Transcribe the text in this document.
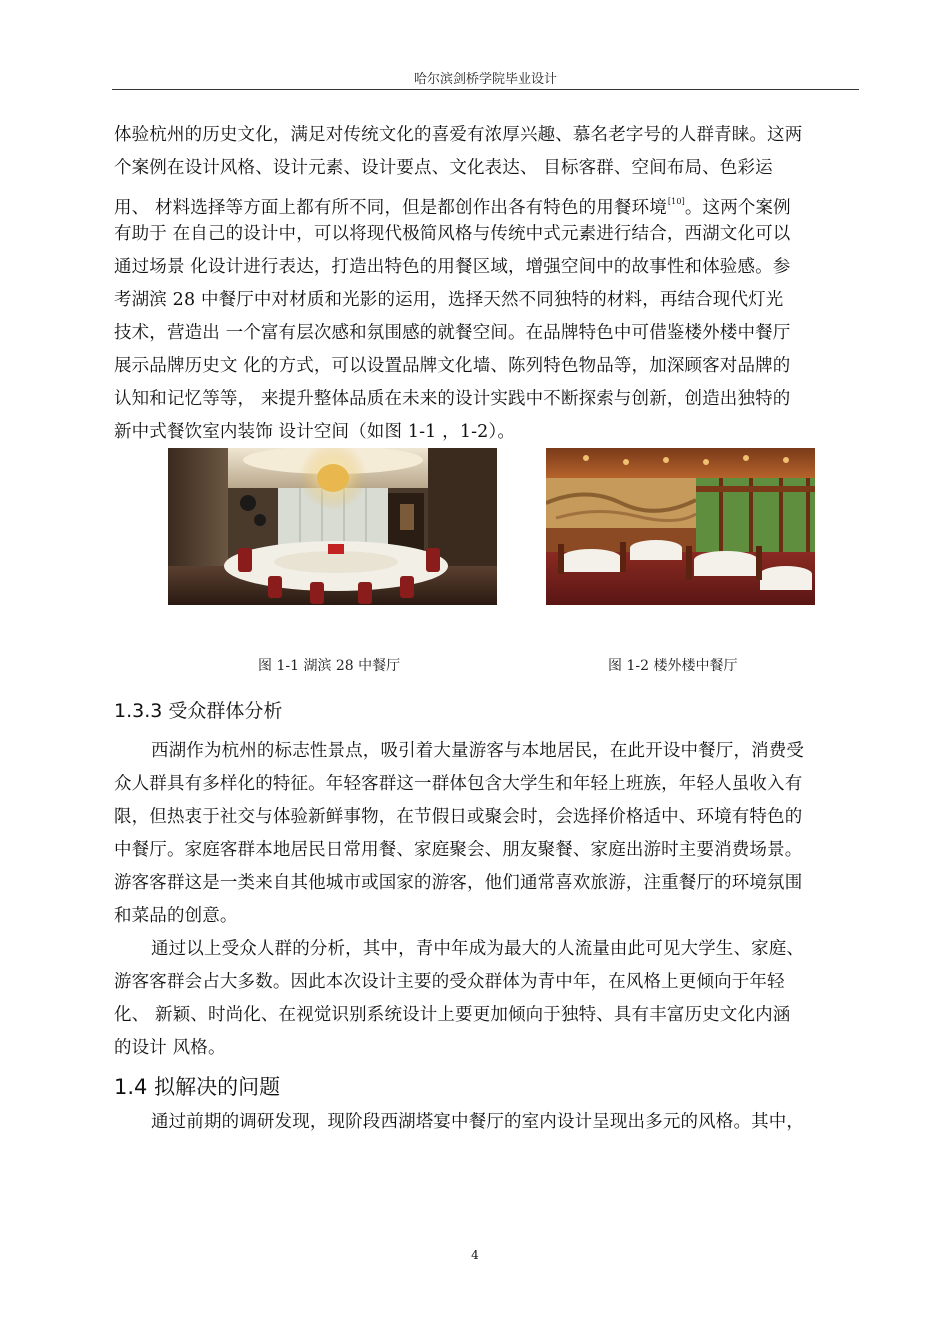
哈尔滨剑桥学院毕业设计
体验杭州的历史文化，满足对传统文化的喜爱有浓厚兴趣、慕名老字号的人群青睐。这两
个案例在设计风格、设计元素、设计要点、文化表达、 目标客群、空间布局、色彩运
用、 材料选择等方面上都有所不同，但是都创作出各有特色的用餐环境[10]。这两个案例
有助于 在自己的设计中，可以将现代极简风格与传统中式元素进行结合，西湖文化可以
通过场景 化设计进行表达，打造出特色的用餐区域，增强空间中的故事性和体验感。参
考湖滨 28 中餐厅中对材质和光影的运用，选择天然不同独特的材料，再结合现代灯光
技术，营造出 一个富有层次感和氛围感的就餐空间。在品牌特色中可借鉴楼外楼中餐厅
展示品牌历史文 化的方式，可以设置品牌文化墙、陈列特色物品等，加深顾客对品牌的
认知和记忆等等， 来提升整体品质在未来的设计实践中不断探索与创新，创造出独特的
新中式餐饮室内装饰 设计空间（如图 1-1 ，1-2）。
图 1-1 湖滨 28 中餐厅	图 1-2 楼外楼中餐厅
1.3.3 受众群体分析
西湖作为杭州的标志性景点，吸引着大量游客与本地居民，在此开设中餐厅，消费受
众人群具有多样化的特征。年轻客群这一群体包含大学生和年轻上班族，年轻人虽收入有
限，但热衷于社交与体验新鲜事物，在节假日或聚会时，会选择价格适中、环境有特色的
中餐厅。家庭客群本地居民日常用餐、家庭聚会、朋友聚餐、家庭出游时主要消费场景。
游客客群这是一类来自其他城市或国家的游客，他们通常喜欢旅游，注重餐厅的环境氛围
和菜品的创意。
通过以上受众人群的分析，其中，青中年成为最大的人流量由此可见大学生、家庭、
游客客群会占大多数。因此本次设计主要的受众群体为青中年，在风格上更倾向于年轻
化、 新颖、时尚化、在视觉识别系统设计上要更加倾向于独特、具有丰富历史文化内涵
的设计 风格。
1.4 拟解决的问题
通过前期的调研发现，现阶段西湖塔宴中餐厅的室内设计呈现出多元的风格。其中，
4
